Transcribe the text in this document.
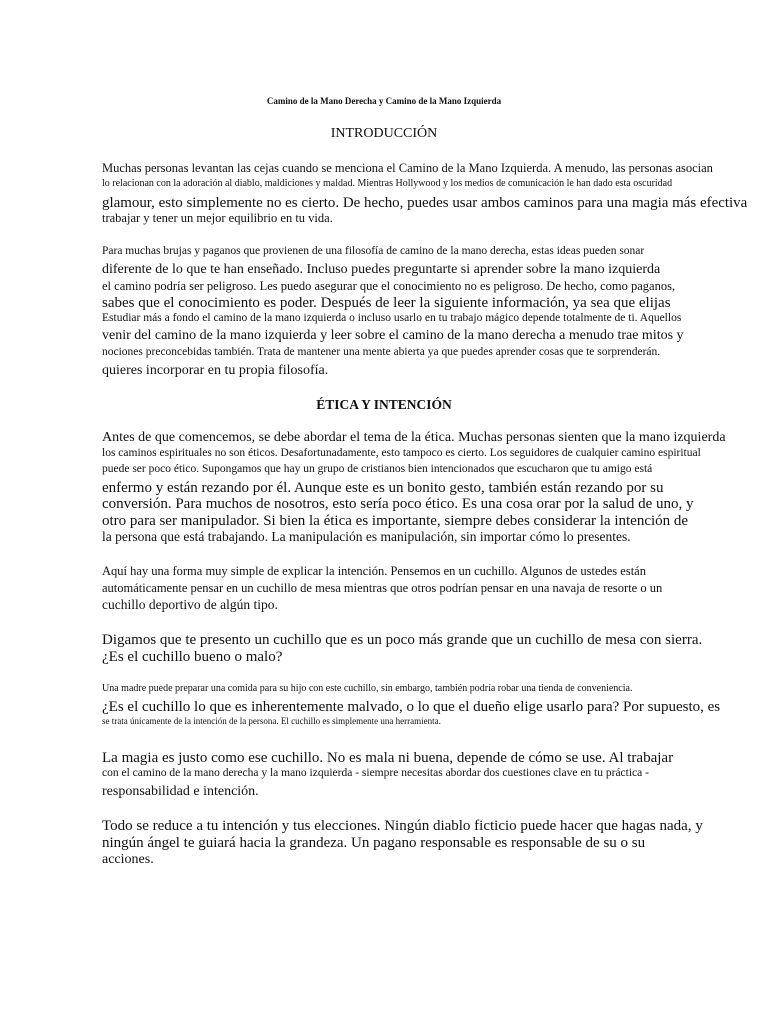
Camino de la Mano Derecha y Camino de la Mano Izquierda
INTRODUCCIÓN
Muchas personas levantan las cejas cuando se menciona el Camino de la Mano Izquierda. A menudo, las personas asocian
lo relacionan con la adoración al diablo, maldiciones y maldad. Mientras Hollywood y los medios de comunicación le han dado esta oscuridad
glamour, esto simplemente no es cierto. De hecho, puedes usar ambos caminos para una magia más efectiva
trabajar y tener un mejor equilibrio en tu vida.
Para muchas brujas y paganos que provienen de una filosofía de camino de la mano derecha, estas ideas pueden sonar
diferente de lo que te han enseñado. Incluso puedes preguntarte si aprender sobre la mano izquierda
el camino podría ser peligroso. Les puedo asegurar que el conocimiento no es peligroso. De hecho, como paganos,
sabes que el conocimiento es poder. Después de leer la siguiente información, ya sea que elijas
Estudiar más a fondo el camino de la mano izquierda o incluso usarlo en tu trabajo mágico depende totalmente de ti. Aquellos
venir del camino de la mano izquierda y leer sobre el camino de la mano derecha a menudo trae mitos y
nociones preconcebidas también. Trata de mantener una mente abierta ya que puedes aprender cosas que te sorprenderán.
quieres incorporar en tu propia filosofía.
ÉTICA Y INTENCIÓN
Antes de que comencemos, se debe abordar el tema de la ética. Muchas personas sienten que la mano izquierda
los caminos espirituales no son éticos. Desafortunadamente, esto tampoco es cierto. Los seguidores de cualquier camino espiritual
puede ser poco ético. Supongamos que hay un grupo de cristianos bien intencionados que escucharon que tu amigo está
enfermo y están rezando por él. Aunque este es un bonito gesto, también están rezando por su
conversión. Para muchos de nosotros, esto sería poco ético. Es una cosa orar por la salud de uno, y
otro para ser manipulador. Si bien la ética es importante, siempre debes considerar la intención de
la persona que está trabajando. La manipulación es manipulación, sin importar cómo lo presentes.
Aquí hay una forma muy simple de explicar la intención. Pensemos en un cuchillo. Algunos de ustedes están
automáticamente pensar en un cuchillo de mesa mientras que otros podrían pensar en una navaja de resorte o un
cuchillo deportivo de algún tipo.
Digamos que te presento un cuchillo que es un poco más grande que un cuchillo de mesa con sierra.
¿Es el cuchillo bueno o malo?
Una madre puede preparar una comida para su hijo con este cuchillo, sin embargo, también podría robar una tienda de conveniencia.
¿Es el cuchillo lo que es inherentemente malvado, o lo que el dueño elige usarlo para? Por supuesto, es
se trata únicamente de la intención de la persona. El cuchillo es simplemente una herramienta.
La magia es justo como ese cuchillo. No es mala ni buena, depende de cómo se use. Al trabajar
con el camino de la mano derecha y la mano izquierda - siempre necesitas abordar dos cuestiones clave en tu práctica -
responsabilidad e intención.
Todo se reduce a tu intención y tus elecciones. Ningún diablo ficticio puede hacer que hagas nada, y
ningún ángel te guiará hacia la grandeza. Un pagano responsable es responsable de su o su
acciones.
